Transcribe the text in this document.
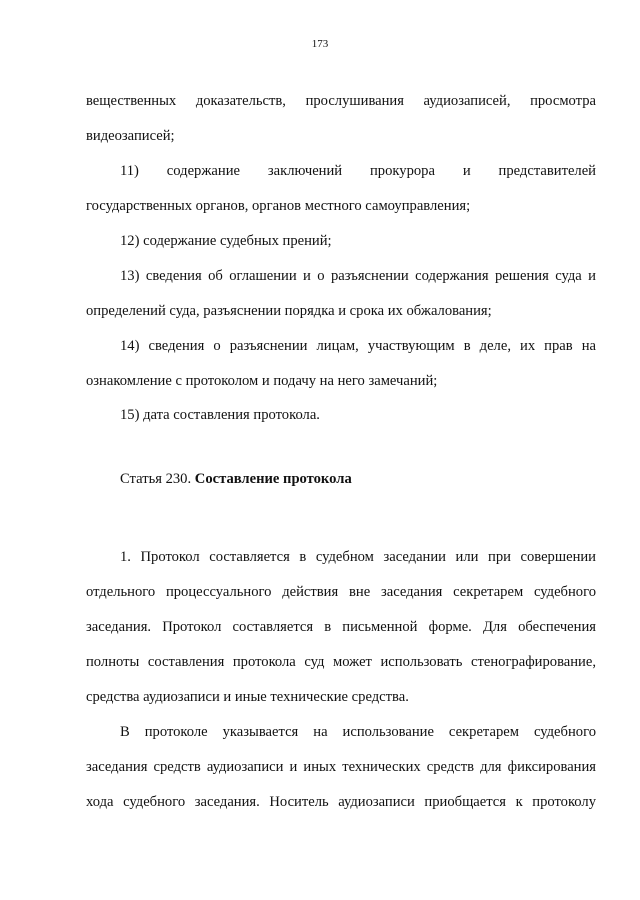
173
вещественных доказательств, прослушивания аудиозаписей, просмотра
видеозаписей;
11) содержание заключений прокурора и представителей
государственных органов, органов местного самоуправления;
12) содержание судебных прений;
13) сведения об оглашении и о разъяснении содержания решения суда и
определений суда, разъяснении порядка и срока их обжалования;
14) сведения о разъяснении лицам, участвующим в деле, их прав на
ознакомление с протоколом и подачу на него замечаний;
15) дата составления протокола.
Статья 230. Составление протокола
1. Протокол составляется в судебном заседании или при совершении
отдельного процессуального действия вне заседания секретарем судебного
заседания. Протокол составляется в письменной форме. Для обеспечения
полноты составления протокола суд может использовать стенографирование,
средства аудиозаписи и иные технические средства.
В протоколе указывается на использование секретарем судебного
заседания средств аудиозаписи и иных технических средств для фиксирования
хода судебного заседания. Носитель аудиозаписи приобщается к протоколу
